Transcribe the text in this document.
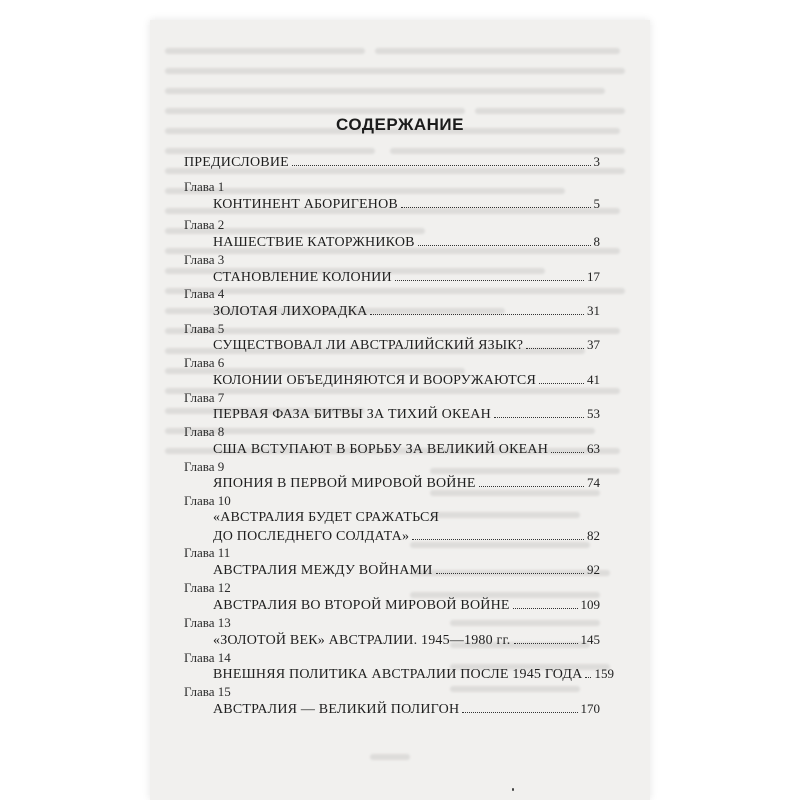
СОДЕРЖАНИЕ
ПРЕДИСЛОВИЕ	3
Глава 1
КОНТИНЕНТ АБОРИГЕНОВ	5
Глава 2
НАШЕСТВИЕ КАТОРЖНИКОВ	8
Глава 3
СТАНОВЛЕНИЕ КОЛОНИИ	17
Глава 4
ЗОЛОТАЯ ЛИХОРАДКА	31
Глава 5
СУЩЕСТВОВАЛ ЛИ АВСТРАЛИЙСКИЙ ЯЗЫК?	37
Глава 6
КОЛОНИИ ОБЪЕДИНЯЮТСЯ И ВООРУЖАЮТСЯ	41
Глава 7
ПЕРВАЯ ФАЗА БИТВЫ ЗА ТИХИЙ ОКЕАН	53
Глава 8
США ВСТУПАЮТ В БОРЬБУ ЗА ВЕЛИКИЙ ОКЕАН	63
Глава 9
ЯПОНИЯ В ПЕРВОЙ МИРОВОЙ ВОЙНЕ	74
Глава 10
«АВСТРАЛИЯ БУДЕТ СРАЖАТЬСЯ
ДО ПОСЛЕДНЕГО СОЛДАТА»	82
Глава 11
АВСТРАЛИЯ МЕЖДУ ВОЙНАМИ	92
Глава 12
АВСТРАЛИЯ ВО ВТОРОЙ МИРОВОЙ ВОЙНЕ	109
Глава 13
«ЗОЛОТОЙ ВЕК» АВСТРАЛИИ. 1945—1980 гг.	145
Глава 14
ВНЕШНЯЯ ПОЛИТИКА АВСТРАЛИИ ПОСЛЕ 1945 ГОДА 159
Глава 15
АВСТРАЛИЯ — ВЕЛИКИЙ ПОЛИГОН	170
